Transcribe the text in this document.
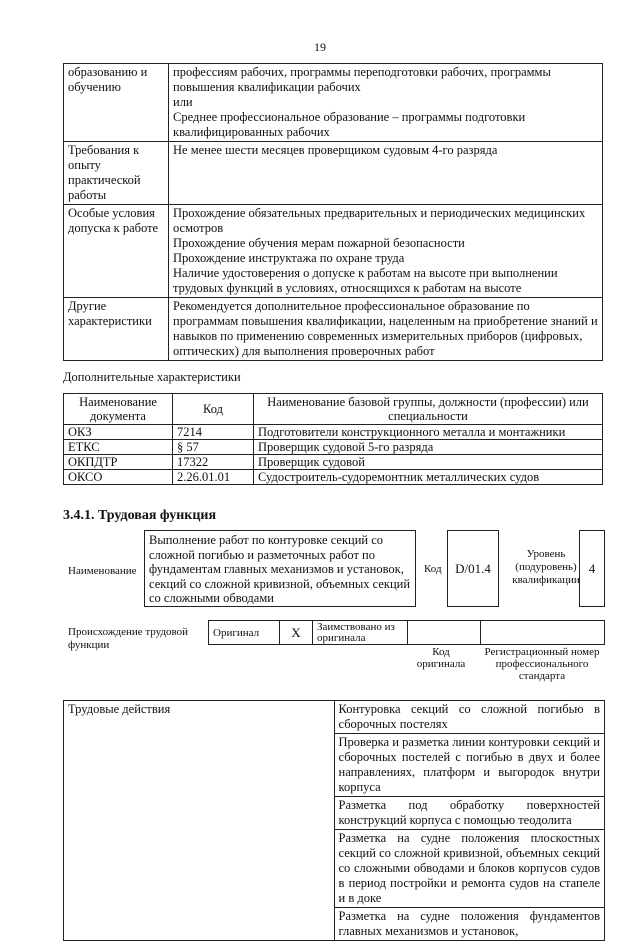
19
образованию и обучению	профессиям рабочих, программы переподготовки рабочих, программы повышения квалификации рабочих
или
Среднее профессиональное образование – программы подготовки квалифицированных рабочих

Требования к опыту практической работы	Не менее шести месяцев проверщиком судовым 4-го разряда

Особые условия допуска к работе	Прохождение обязательных предварительных и периодических медицинских осмотров
Прохождение обучения мерам пожарной безопасности
Прохождение инструктажа по охране труда
Наличие удостоверения о допуске к работам на высоте при выполнении трудовых функций в условиях, относящихся к работам на высоте

Другие характеристики	Рекомендуется дополнительное профессиональное образование по программам повышения квалификации, нацеленным на приобретение знаний и навыков по применению современных измерительных приборов (цифровых, оптических) для выполнения проверочных работ
Дополнительные характеристики
Наименование документа	Код	Наименование базовой группы, должности (профессии) или специальности
ОКЗ	7214	Подготовители конструкционного металла и монтажники
ЕТКС	§ 57	Проверщик судовой 5-го разряда
ОКПДТР	17322	Проверщик судовой
ОКСО	2.26.01.01	Судостроитель-судоремонтник металлических судов
3.4.1. Трудовая функция
Наименование
Выполнение работ по контуровке секций со сложной погибью и разметочных работ по фундаментам главных механизмов и установок, секций со сложной кривизной, объемных секций со сложными обводами
Код	D/01.4
Уровень (подуровень) квалификации
4
Происхождение трудовой функции
Оригинал	X	Заимствовано из оригинала		
Код оригинала
Регистрационный номер профессионального стандарта
Трудовые действия	Контуровка секций со сложной погибью в сборочных постелях
Проверка и разметка линии контуровки секций и сборочных постелей с погибью в двух и более направлениях, платформ и выгородок внутри корпуса
Разметка под обработку поверхностей конструкций корпуса с помощью теодолита
Разметка на судне положения плоскостных секций со сложной кривизной, объемных секций со сложными обводами и блоков корпусов судов в период постройки и ремонта судов на стапеле и в доке
Разметка на судне положения фундаментов главных механизмов и установок,
